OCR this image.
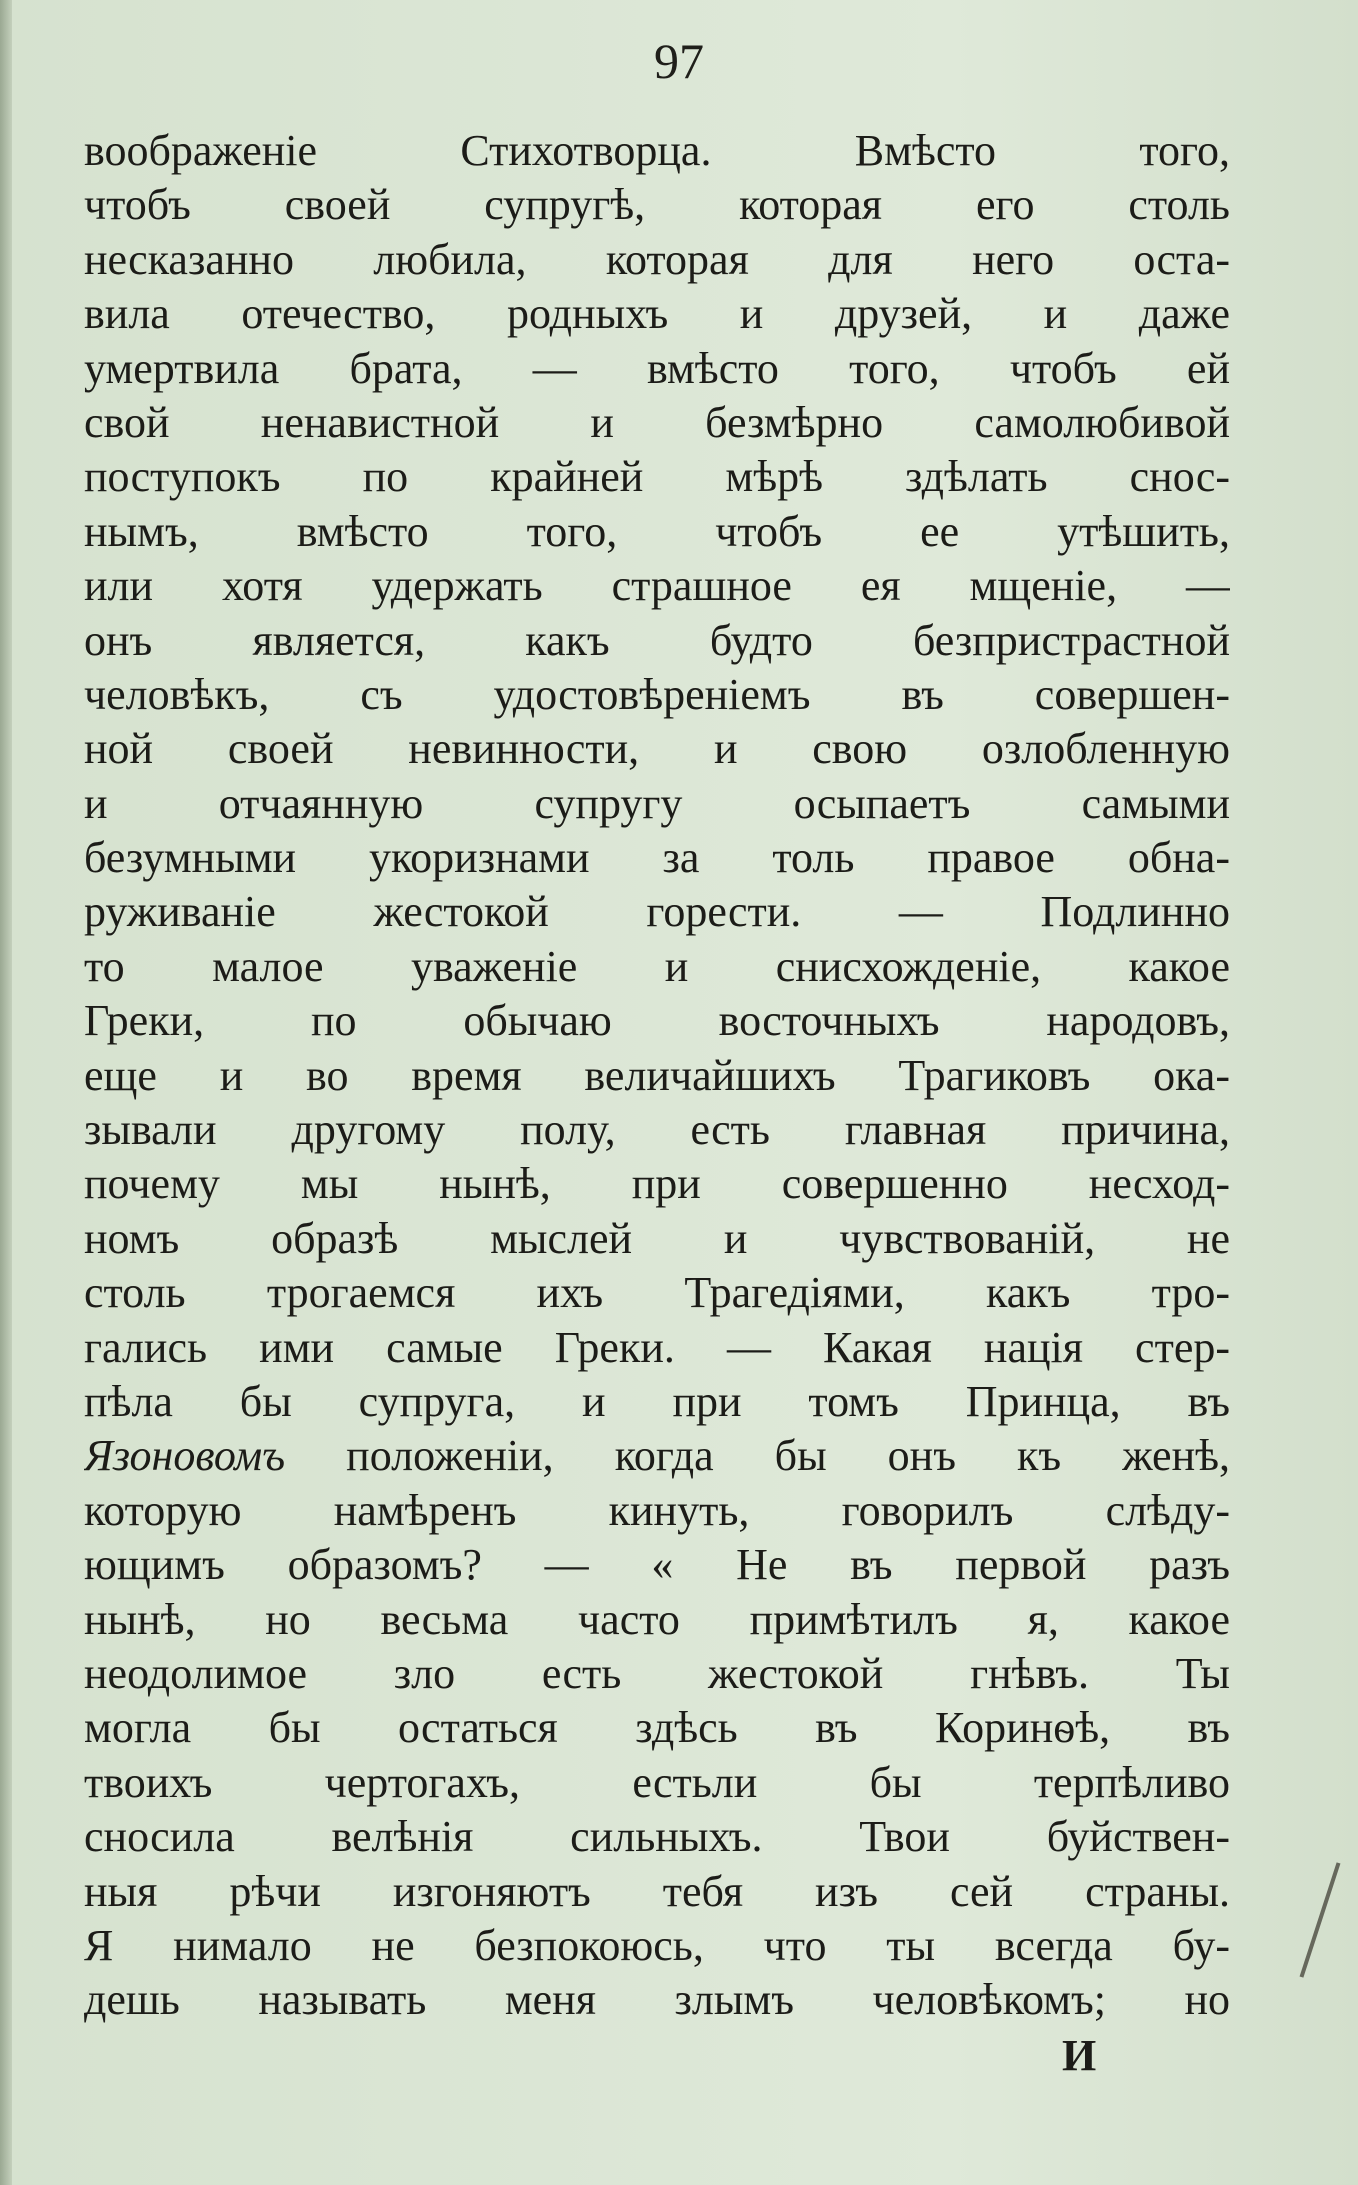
97
воображеніе Стихотворца. Вмѣсто того,
чтобъ своей супругѣ, которая его столь
несказанно любила, которая для него оста-
вила отечество, родныхъ и друзей, и даже
умертвила брата, — вмѣсто того, чтобъ ей
свой ненавистной и безмѣрно самолюбивой
поступокъ по крайней мѣрѣ здѣлать снос-
нымъ, вмѣсто того, чтобъ ее утѣшить,
или хотя удержать страшное ея мщеніе, —
онъ является, какъ будто безпристрастной
человѣкъ, съ удостовѣреніемъ въ совершен-
ной своей невинности, и свою озлобленную
и отчаянную супругу осыпаетъ самыми
безумными укоризнами за толь правое обна-
руживаніе жестокой горести. — Подлинно
то малое уваженіе и снисхожденіе, какое
Греки, по обычаю восточныхъ народовъ,
еще и во время величайшихъ Трагиковъ ока-
зывали другому полу, есть главная причина,
почему мы нынѣ, при совершенно несход-
номъ образѣ мыслей и чувствованій, не
столь трогаемся ихъ Трагедіями, какъ тро-
гались ими самые Греки. — Какая нація стер-
пѣла бы супруга, и при томъ Принца, въ
Язоновомъ положеніи, когда бы онъ къ женѣ,
которую намѣренъ кинуть, говорилъ слѣду-
ющимъ образомъ? — « Не въ первой разъ
нынѣ, но весьма часто примѣтилъ я, какое
неодолимое зло есть жестокой гнѣвъ. Ты
могла бы остаться здѣсь въ Коринѳѣ, въ
твоихъ чертогахъ, естьли бы терпѣливо
сносила велѣнія сильныхъ. Твои буйствен-
ныя рѣчи изгоняютъ тебя изъ сей страны.
Я нимало не безпокоюсь, что ты всегда бу-
дешь называть меня злымъ человѣкомъ; но
И
